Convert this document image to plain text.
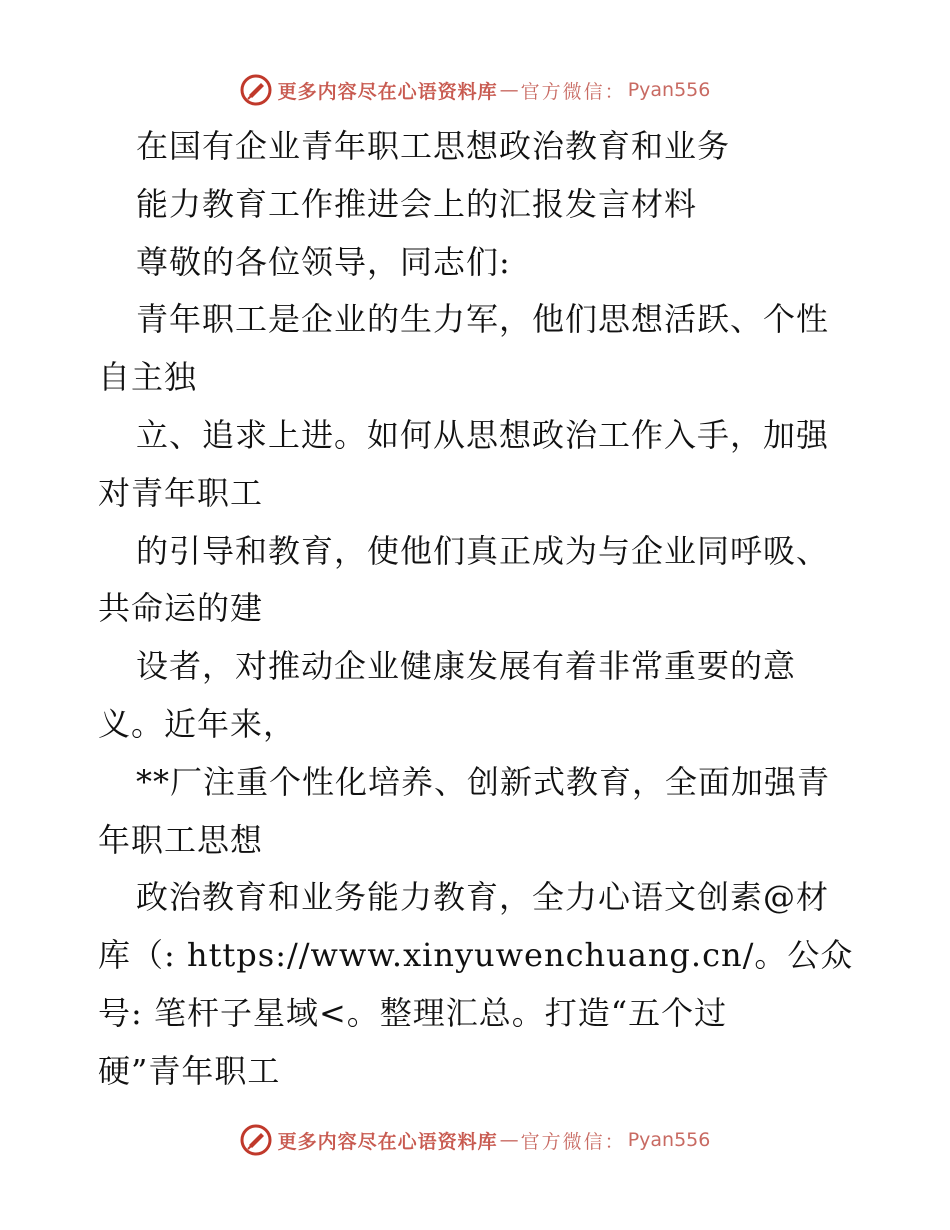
更多内容尽在心语资料库 — 官方微信 ： Pyan556
在国有企业青年职工思想政治教育和业务
能力教育工作推进会上的汇报发言材料
尊敬的各位领导，同志们:
青年职工是企业的生力军，他们思想活跃、个性
自主独
立、追求上进。如何从思想政治工作入手，加强
对青年职工
的引导和教育，使他们真正成为与企业同呼吸、
共命运的建
设者，对推动企业健康发展有着非常重要的意
义。近年来，
**厂注重个性化培养、创新式教育，全面加强青
年职工思想
政治教育和业务能力教育，全力心语文创素@材
库（: https://www.xinyuwenchuang.cn/。公众
号: 笔杆子星域<。整理汇总。打造“五个过
硬”青年职工
更多内容尽在心语资料库 — 官方微信 ： Pyan556
